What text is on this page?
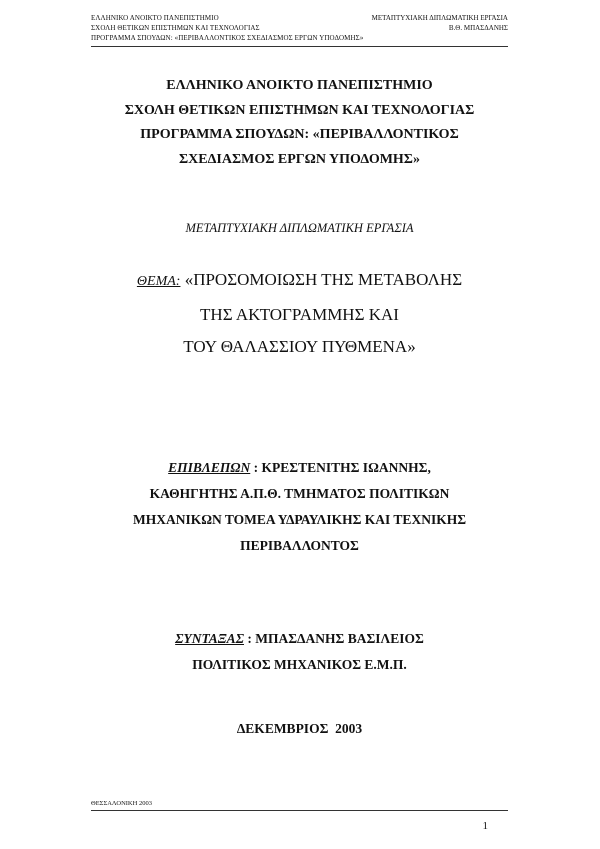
ΕΛΛΗΝΙΚΟ ΑΝΟΙΚΤΟ ΠΑΝΕΠΙΣΤΗΜΙΟ
ΣΧΟΛΗ ΘΕΤΙΚΩΝ ΕΠΙΣΤΗΜΩΝ ΚΑΙ ΤΕΧΝΟΛΟΓΙΑΣ
ΠΡΟΓΡΑΜΜΑ ΣΠΟΥΔΩΝ: «ΠΕΡΙΒΑΛΛΟΝΤΙΚΟΣ ΣΧΕΔΙΑΣΜΟΣ ΕΡΓΩΝ ΥΠΟΔΟΜΗΣ»
ΜΕΤΑΠΤΥΧΙΑΚΗ ΔΙΠΛΩΜΑΤΙΚΗ ΕΡΓΑΣΙΑ
Β.Θ. ΜΠΑΣΔΑΝΗΣ
ΕΛΛΗΝΙΚΟ ΑΝΟΙΚΤΟ ΠΑΝΕΠΙΣΤΗΜΙΟ
ΣΧΟΛΗ ΘΕΤΙΚΩΝ ΕΠΙΣΤΗΜΩΝ ΚΑΙ ΤΕΧΝΟΛΟΓΙΑΣ
ΠΡΟΓΡΑΜΜΑ ΣΠΟΥΔΩΝ: «ΠΕΡΙΒΑΛΛΟΝΤΙΚΟΣ
ΣΧΕΔΙΑΣΜΟΣ ΕΡΓΩΝ ΥΠΟΔΟΜΗΣ»
ΜΕΤΑΠΤΥΧΙΑΚΗ ΔΙΠΛΩΜΑΤΙΚΗ ΕΡΓΑΣΙΑ
ΘΕΜΑ: «ΠΡΟΣΟΜΟΙΩΣΗ ΤΗΣ ΜΕΤΑΒΟΛΗΣ
ΤΗΣ ΑΚΤΟΓΡΑΜΜΗΣ ΚΑΙ
ΤΟΥ ΘΑΛΑΣΣΙΟΥ ΠΥΘΜΕΝΑ»
ΕΠΙΒΛΕΠΩΝ : ΚΡΕΣΤΕΝΙΤΗΣ ΙΩΑΝΝΗΣ,
ΚΑΘΗΓΗΤΗΣ Α.Π.Θ. ΤΜΗΜΑΤΟΣ ΠΟΛΙΤΙΚΩΝ
ΜΗΧΑΝΙΚΩΝ ΤΟΜΕΑ ΥΔΡΑΥΛΙΚΗΣ ΚΑΙ ΤΕΧΝΙΚΗΣ
ΠΕΡΙΒΑΛΛΟΝΤΟΣ
ΣΥΝΤΑΞΑΣ : ΜΠΑΣΔΑΝΗΣ ΒΑΣΙΛΕΙΟΣ
ΠΟΛΙΤΙΚΟΣ ΜΗΧΑΝΙΚΟΣ Ε.Μ.Π.
ΔΕΚΕΜΒΡΙΟΣ  2003
ΘΕΣΣΑΛΟΝΙΚΗ 2003
1
